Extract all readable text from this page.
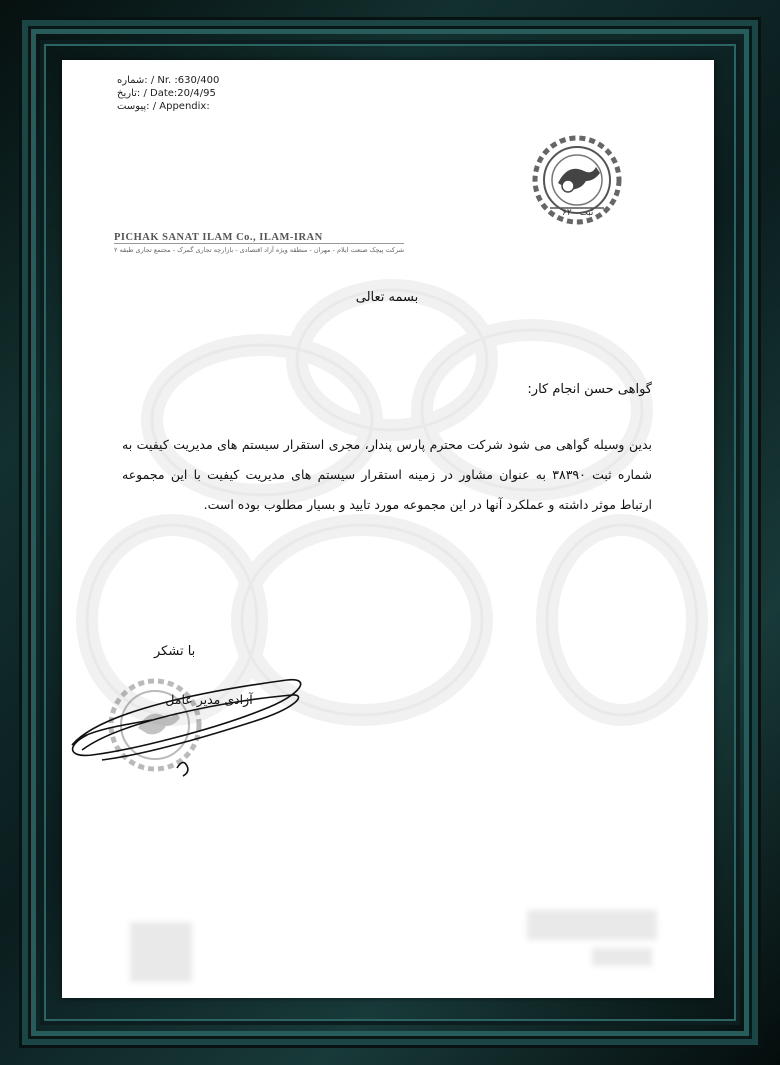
شماره: / Nr. :630/400
تاریخ: / Date:20/4/95
پیوست: / Appendix:
ثبت ۶۲۰
PICHAK SANAT ILAM Co., ILAM-IRAN
شرکت پیچک صنعت ایلام - مهران - منطقه ویژه آزاد اقتصادی - بازارچه تجاری گمرک - مجتمع تجاری طبقه ۲
بسمه تعالی
گواهی حسن انجام کار:
بدین وسیله گواهی می شود شرکت محترم پارس پندار، مجری استقرار سیستم های مدیریت کیفیت به شماره ثبت ۳۸۳۹۰ به عنوان مشاور در زمینه استقرار سیستم های مدیریت کیفیت با این مجموعه ارتباط موثر داشته و عملکرد آنها در این مجموعه مورد تایید و بسیار مطلوب بوده است.
با تشکر
آزادی مدیر عامل
